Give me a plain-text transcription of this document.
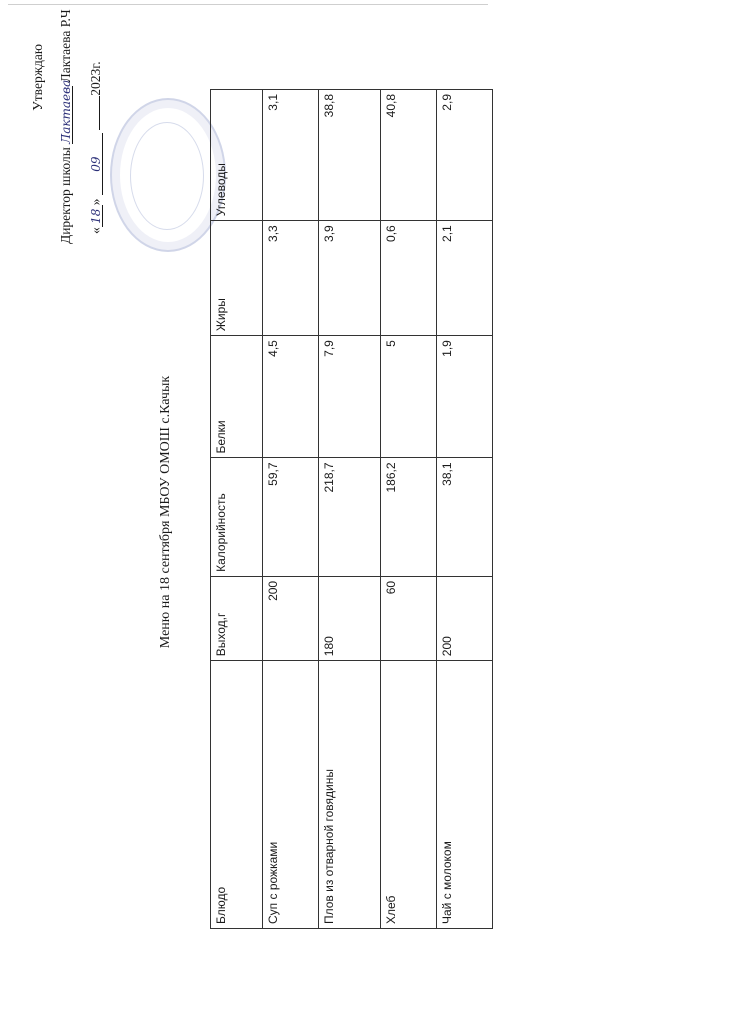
Утверждаю
Директор школы Лактаева Лактаева Р.Ч
«18» 09 2023г.
Меню на 18 сентября МБОУ ОМОШ с.Качык
Блюдо	Выход,г	Калорийность	Белки	Жиры	Углеводы
Суп с рожками	200	59,7	4,5	3,3	3,1
Плов из отварной говядины	180	218,7	7,9	3,9	38,8
Хлеб	60	186,2	5	0,6	40,8
Чай с молоком	200	38,1	1,9	2,1	2,9
